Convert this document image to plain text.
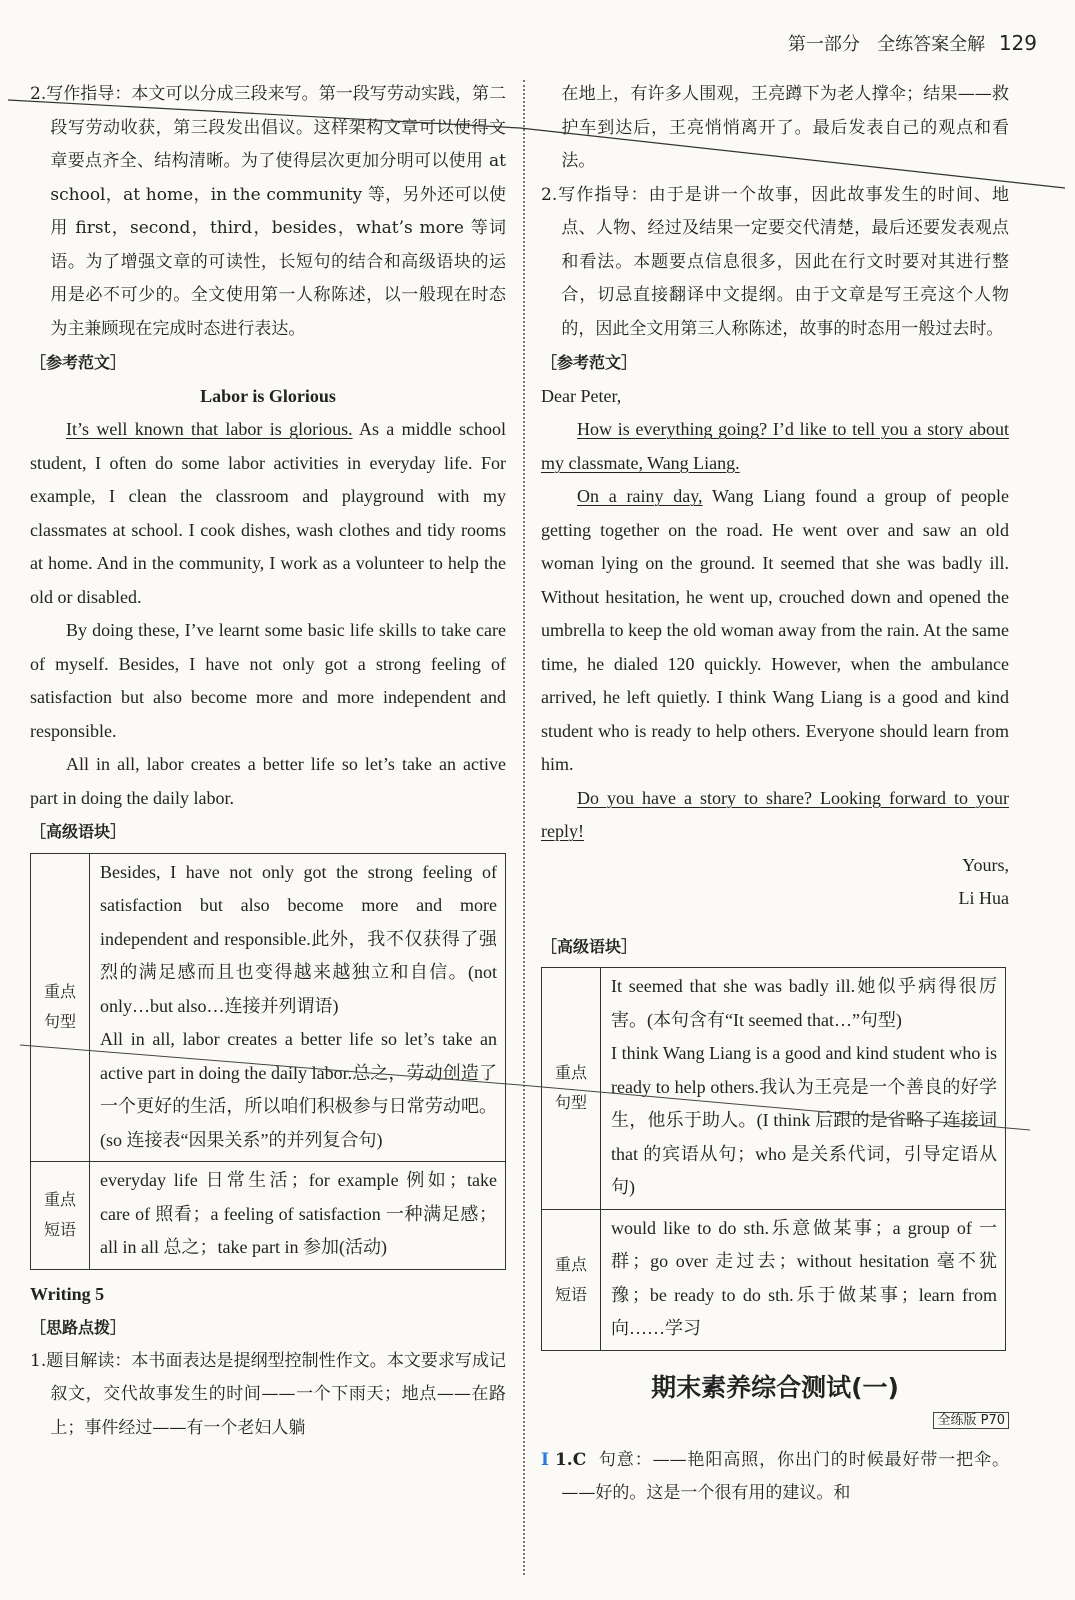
第一部分 全练答案全解 129

2.写作指导：本文可以分成三段来写。第一段写劳动实践，第二段写劳动收获，第三段发出倡议。这样架构文章可以使得文章要点齐全、结构清晰。为了使得层次更加分明可以使用 at school，at home，in the community 等，另外还可以使用 first，second，third，besides，what’s more 等词语。为了增强文章的可读性，长短句的结合和高级语块的运用是必不可少的。全文使用第一人称陈述，以一般现在时态为主兼顾现在完成时态进行表达。

［参考范文］
Labor is Glorious

It’s well known that labor is glorious. As a middle school student, I often do some labor activities in everyday life. For example, I clean the classroom and playground with my classmates at school. I cook dishes, wash clothes and tidy rooms at home. And in the community, I work as a volunteer to help the old or disabled.

By doing these, I’ve learnt some basic life skills to take care of myself. Besides, I have not only got a strong feeling of satisfaction but also become more and more independent and responsible.

All in all, labor creates a better life so let’s take an active part in doing the daily labor.

［高级语块］
重点句型	Besides, I have not only got the strong feeling of satisfaction but also become more and more independent and responsible.此外，我不仅获得了强烈的满足感而且也变得越来越独立和自信。(not only…but also…连接并列谓语)

All in all, labor creates a better life so let’s take an active part in doing the daily labor.总之，劳动创造了一个更好的生活，所以咱们积极参与日常劳动吧。(so 连接表“因果关系”的并列复合句)

重点短语	everyday life 日常生活；for example 例如；take care of 照看；a feeling of satisfaction 一种满足感；all in all 总之；take part in 参加(活动)

Writing 5
［思路点拨］

1.题目解读：本书面表达是提纲型控制性作文。本文要求写成记叙文，交代故事发生的时间——一个下雨天；地点——在路上；事件经过——有一个老妇人躺

在地上，有许多人围观，王亮蹲下为老人撑伞；结果——救护车到达后，王亮悄悄离开了。最后发表自己的观点和看法。

2.写作指导：由于是讲一个故事，因此故事发生的时间、地点、人物、经过及结果一定要交代清楚，最后还要发表观点和看法。本题要点信息很多，因此在行文时要对其进行整合，切忌直接翻译中文提纲。由于文章是写王亮这个人物的，因此全文用第三人称陈述，故事的时态用一般过去时。

［参考范文］

Dear Peter,

How is everything going? I’d like to tell you a story about my classmate, Wang Liang.

On a rainy day, Wang Liang found a group of people getting together on the road. He went over and saw an old woman lying on the ground. It seemed that she was badly ill. Without hesitation, he went up, crouched down and opened the umbrella to keep the old woman away from the rain. At the same time, he dialed 120 quickly. However, when the ambulance arrived, he left quietly. I think Wang Liang is a good and kind student who is ready to help others. Everyone should learn from him.

Do you have a story to share? Looking forward to your reply!

Yours,

Li Hua

［高级语块］
重点句型	It seemed that she was badly ill.她似乎病得很厉害。(本句含有“It seemed that…”句型)

I think Wang Liang is a good and kind student who is ready to help others.我认为王亮是一个善良的好学生，他乐于助人。(I think 后跟的是省略了连接词 that 的宾语从句；who 是关系代词，引导定语从句)

重点短语	would like to do sth.乐意做某事；a group of 一群；go over 走过去；without hesitation 毫不犹豫；be ready to do sth.乐于做某事；learn from 向……学习

期末素养综合测试(一)
全练版 P70

I 1.C 句意：——艳阳高照，你出门的时候最好带一把伞。——好的。这是一个很有用的建议。和
